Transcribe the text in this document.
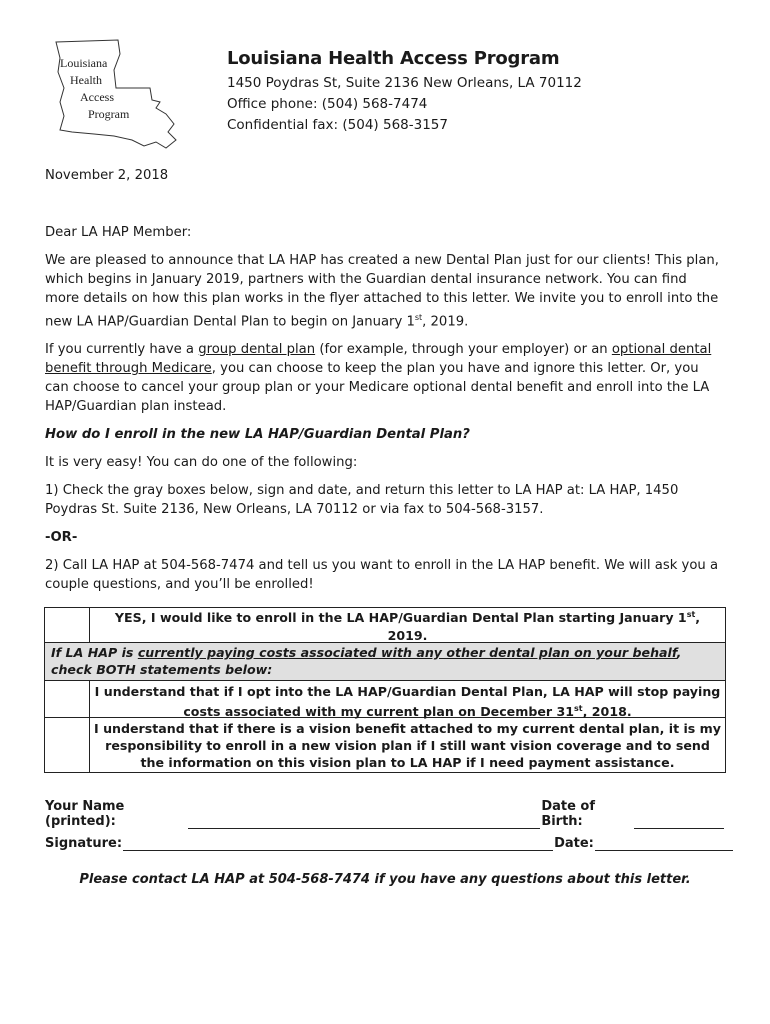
Louisiana
Health
Access
Program
Louisiana Health Access Program
1450 Poydras St, Suite 2136 New Orleans, LA 70112
Office phone: (504) 568-7474
Confidential fax: (504) 568-3157
November 2, 2018

Dear LA HAP Member:

We are pleased to announce that LA HAP has created a new Dental Plan just for our clients! This plan, which begins in January 2019, partners with the Guardian dental insurance network. You can find more details on how this plan works in the flyer attached to this letter. We invite you to enroll into the new LA HAP/Guardian Dental Plan to begin on January 1st, 2019.

If you currently have a group dental plan (for example, through your employer) or an optional dental benefit through Medicare, you can choose to keep the plan you have and ignore this letter. Or, you can choose to cancel your group plan or your Medicare optional dental benefit and enroll into the LA HAP/Guardian plan instead.

How do I enroll in the new LA HAP/Guardian Dental Plan?

It is very easy! You can do one of the following:

1) Check the gray boxes below, sign and date, and return this letter to LA HAP at: LA HAP, 1450 Poydras St. Suite 2136, New Orleans, LA 70112 or via fax to 504-568-3157.

-OR-

2) Call LA HAP at 504-568-7474 and tell us you want to enroll in the LA HAP benefit. We will ask you a couple questions, and you’ll be enrolled!

YES, I would like to enroll in the LA HAP/Guardian Dental Plan starting January 1st, 2019.
If LA HAP is currently paying costs associated with any other dental plan on your behalf, check BOTH statements below:
I understand that if I opt into the LA HAP/Guardian Dental Plan, LA HAP will stop paying costs associated with my current plan on December 31st, 2018.
I understand that if there is a vision benefit attached to my current dental plan, it is my responsibility to enroll in a new vision plan if I still want vision coverage and to send the information on this vision plan to LA HAP if I need payment assistance.
Your Name (printed):
Date of Birth:
Signature:	Date:
Please contact LA HAP at 504-568-7474 if you have any questions about this letter.
